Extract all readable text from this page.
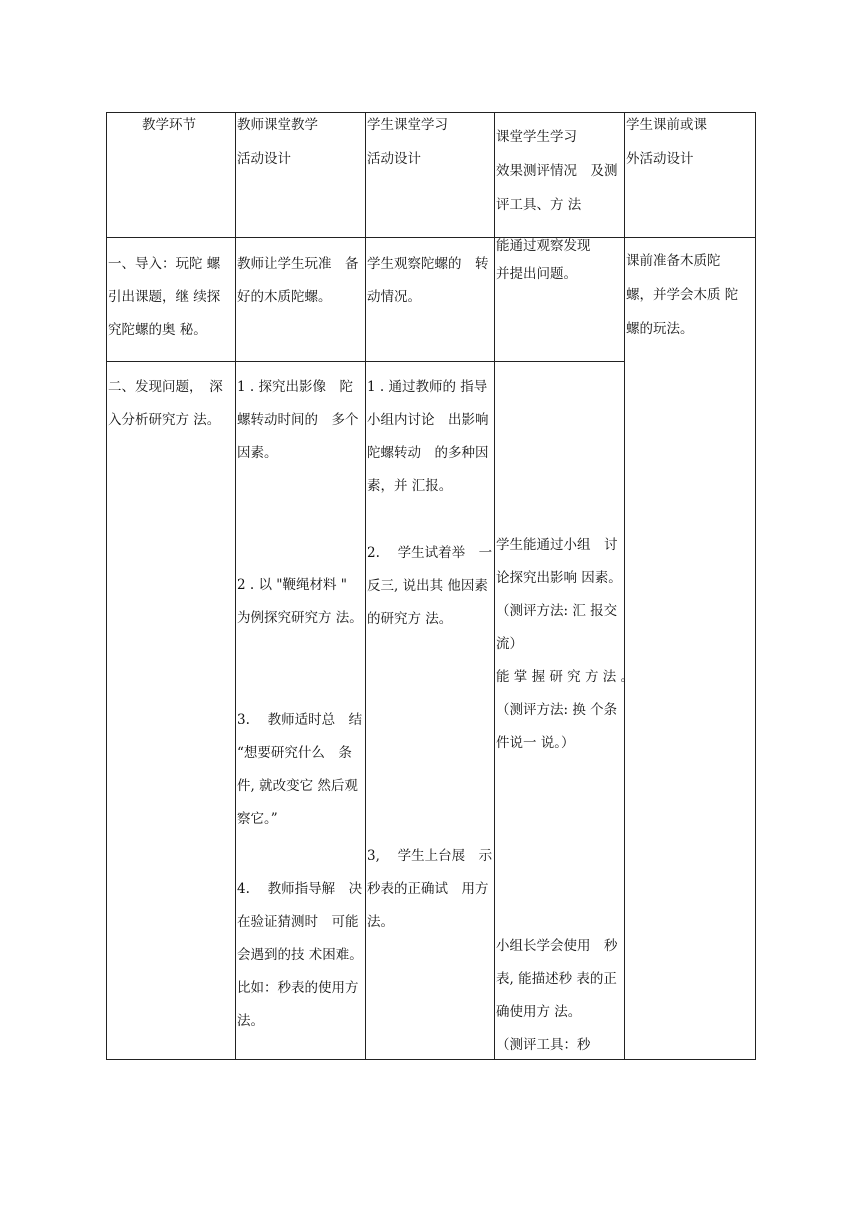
教学环节	教师课堂教学
活动设计
学生课堂学习
活动设计
课堂学生学习
效果测评情况　及测
评工具、方 法
学生课前或课
外活动设计
一、导入：玩陀 螺
引出课题，继 续探
究陀螺的奥 秘。
教师让学生玩准　备
好的木质陀螺。
学生观察陀螺的　转
动情况。
能通过观察发现
并提出问题。
课前准备木质陀
螺，并学会木质 陀
螺的玩法。
二、发现问题，　深
入分析研究方 法。
1 . 探究出影像　陀
螺转动时间的　多个
因素。
2 . 以 "鞭绳材料 "
为例探究研究方 法。
3.　 教师适时总　结
“想要研究什么　条
件, 就改变它 然后观
察它。”
4.　 教师指导解　决
在验证猜测时　可能
会遇到的技 术困难。
比如：秒表的使用方
法。
1 . 通过教师的 指导
小组内讨论　出影响
陀螺转动　的多种因
素，并 汇报。
2.　 学生试着举　一
反三, 说出其 他因素
的研究方 法。
3,　 学生上台展　示
秒表的正确试　用方
法。
学生能通过小组　讨
论探究出影响 因素。
（测评方法: 汇 报交
流）
能 掌 握 研 究 方 法 。
（测评方法: 换 个条
件说一 说。）
小组长学会使用　秒
表, 能描述秒 表的正
确使用方 法。
（测评工具：秒
